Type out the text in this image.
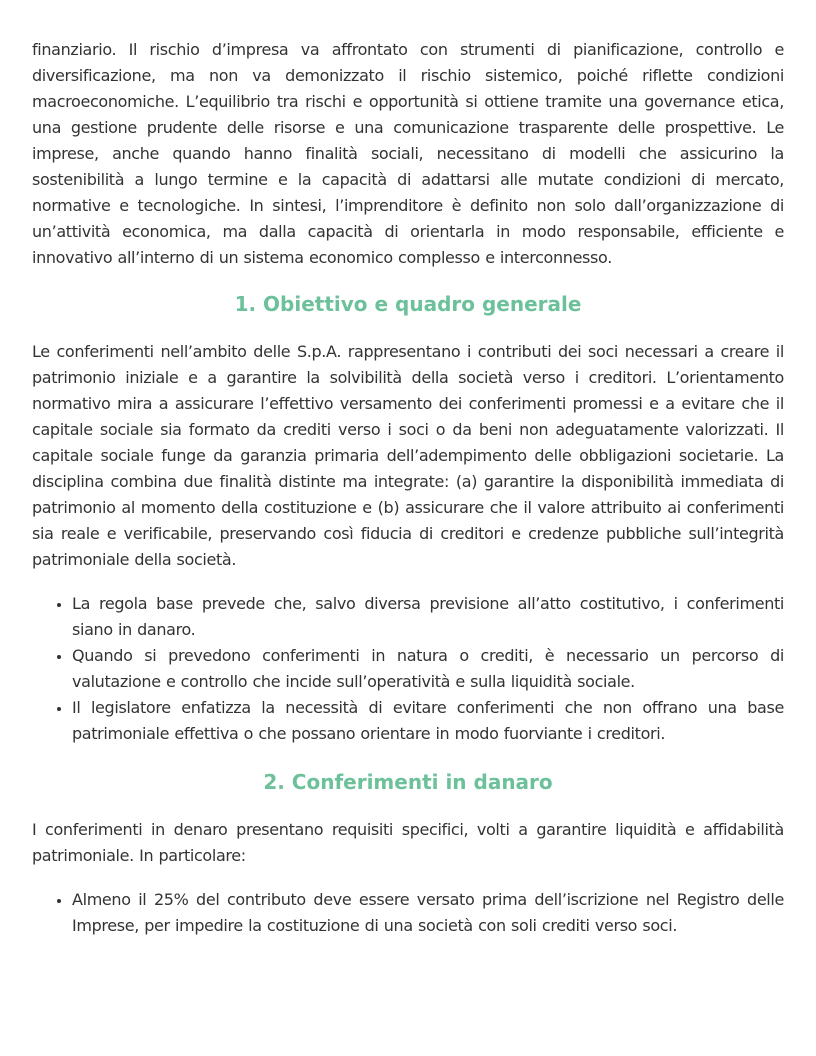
finanziario. Il rischio d’impresa va affrontato con strumenti di pianificazione, controllo e diversificazione, ma non va demonizzato il rischio sistemico, poiché riflette condizioni macroeconomiche. L’equilibrio tra rischi e opportunità si ottiene tramite una governance etica, una gestione prudente delle risorse e una comunicazione trasparente delle prospettive. Le imprese, anche quando hanno finalità sociali, necessitano di modelli che assicurino la sostenibilità a lungo termine e la capacità di adattarsi alle mutate condizioni di mercato, normative e tecnologiche. In sintesi, l’imprenditore è definito non solo dall’organizzazione di un’attività economica, ma dalla capacità di orientarla in modo responsabile, efficiente e innovativo all’interno di un sistema economico complesso e interconnesso.

1. Obiettivo e quadro generale

Le conferimenti nell’ambito delle S.p.A. rappresentano i contributi dei soci necessari a creare il patrimonio iniziale e a garantire la solvibilità della società verso i creditori. L’orientamento normativo mira a assicurare l’effettivo versamento dei conferimenti promessi e a evitare che il capitale sociale sia formato da crediti verso i soci o da beni non adeguatamente valorizzati. Il capitale sociale funge da garanzia primaria dell’adempimento delle obbligazioni societarie. La disciplina combina due finalità distinte ma integrate: (a) garantire la disponibilità immediata di patrimonio al momento della costituzione e (b) assicurare che il valore attribuito ai conferimenti sia reale e verificabile, preservando così fiducia di creditori e credenze pubbliche sull’integrità patrimoniale della società.

• La regola base prevede che, salvo diversa previsione all’atto costitutivo, i conferimenti siano in danaro.
• Quando si prevedono conferimenti in natura o crediti, è necessario un percorso di valutazione e controllo che incide sull’operatività e sulla liquidità sociale.
• Il legislatore enfatizza la necessità di evitare conferimenti che non offrano una base patrimoniale effettiva o che possano orientare in modo fuorviante i creditori.
2. Conferimenti in danaro

I conferimenti in denaro presentano requisiti specifici, volti a garantire liquidità e affidabilità patrimoniale. In particolare:

• Almeno il 25% del contributo deve essere versato prima dell’iscrizione nel Registro delle Imprese, per impedire la costituzione di una società con soli crediti verso soci.
